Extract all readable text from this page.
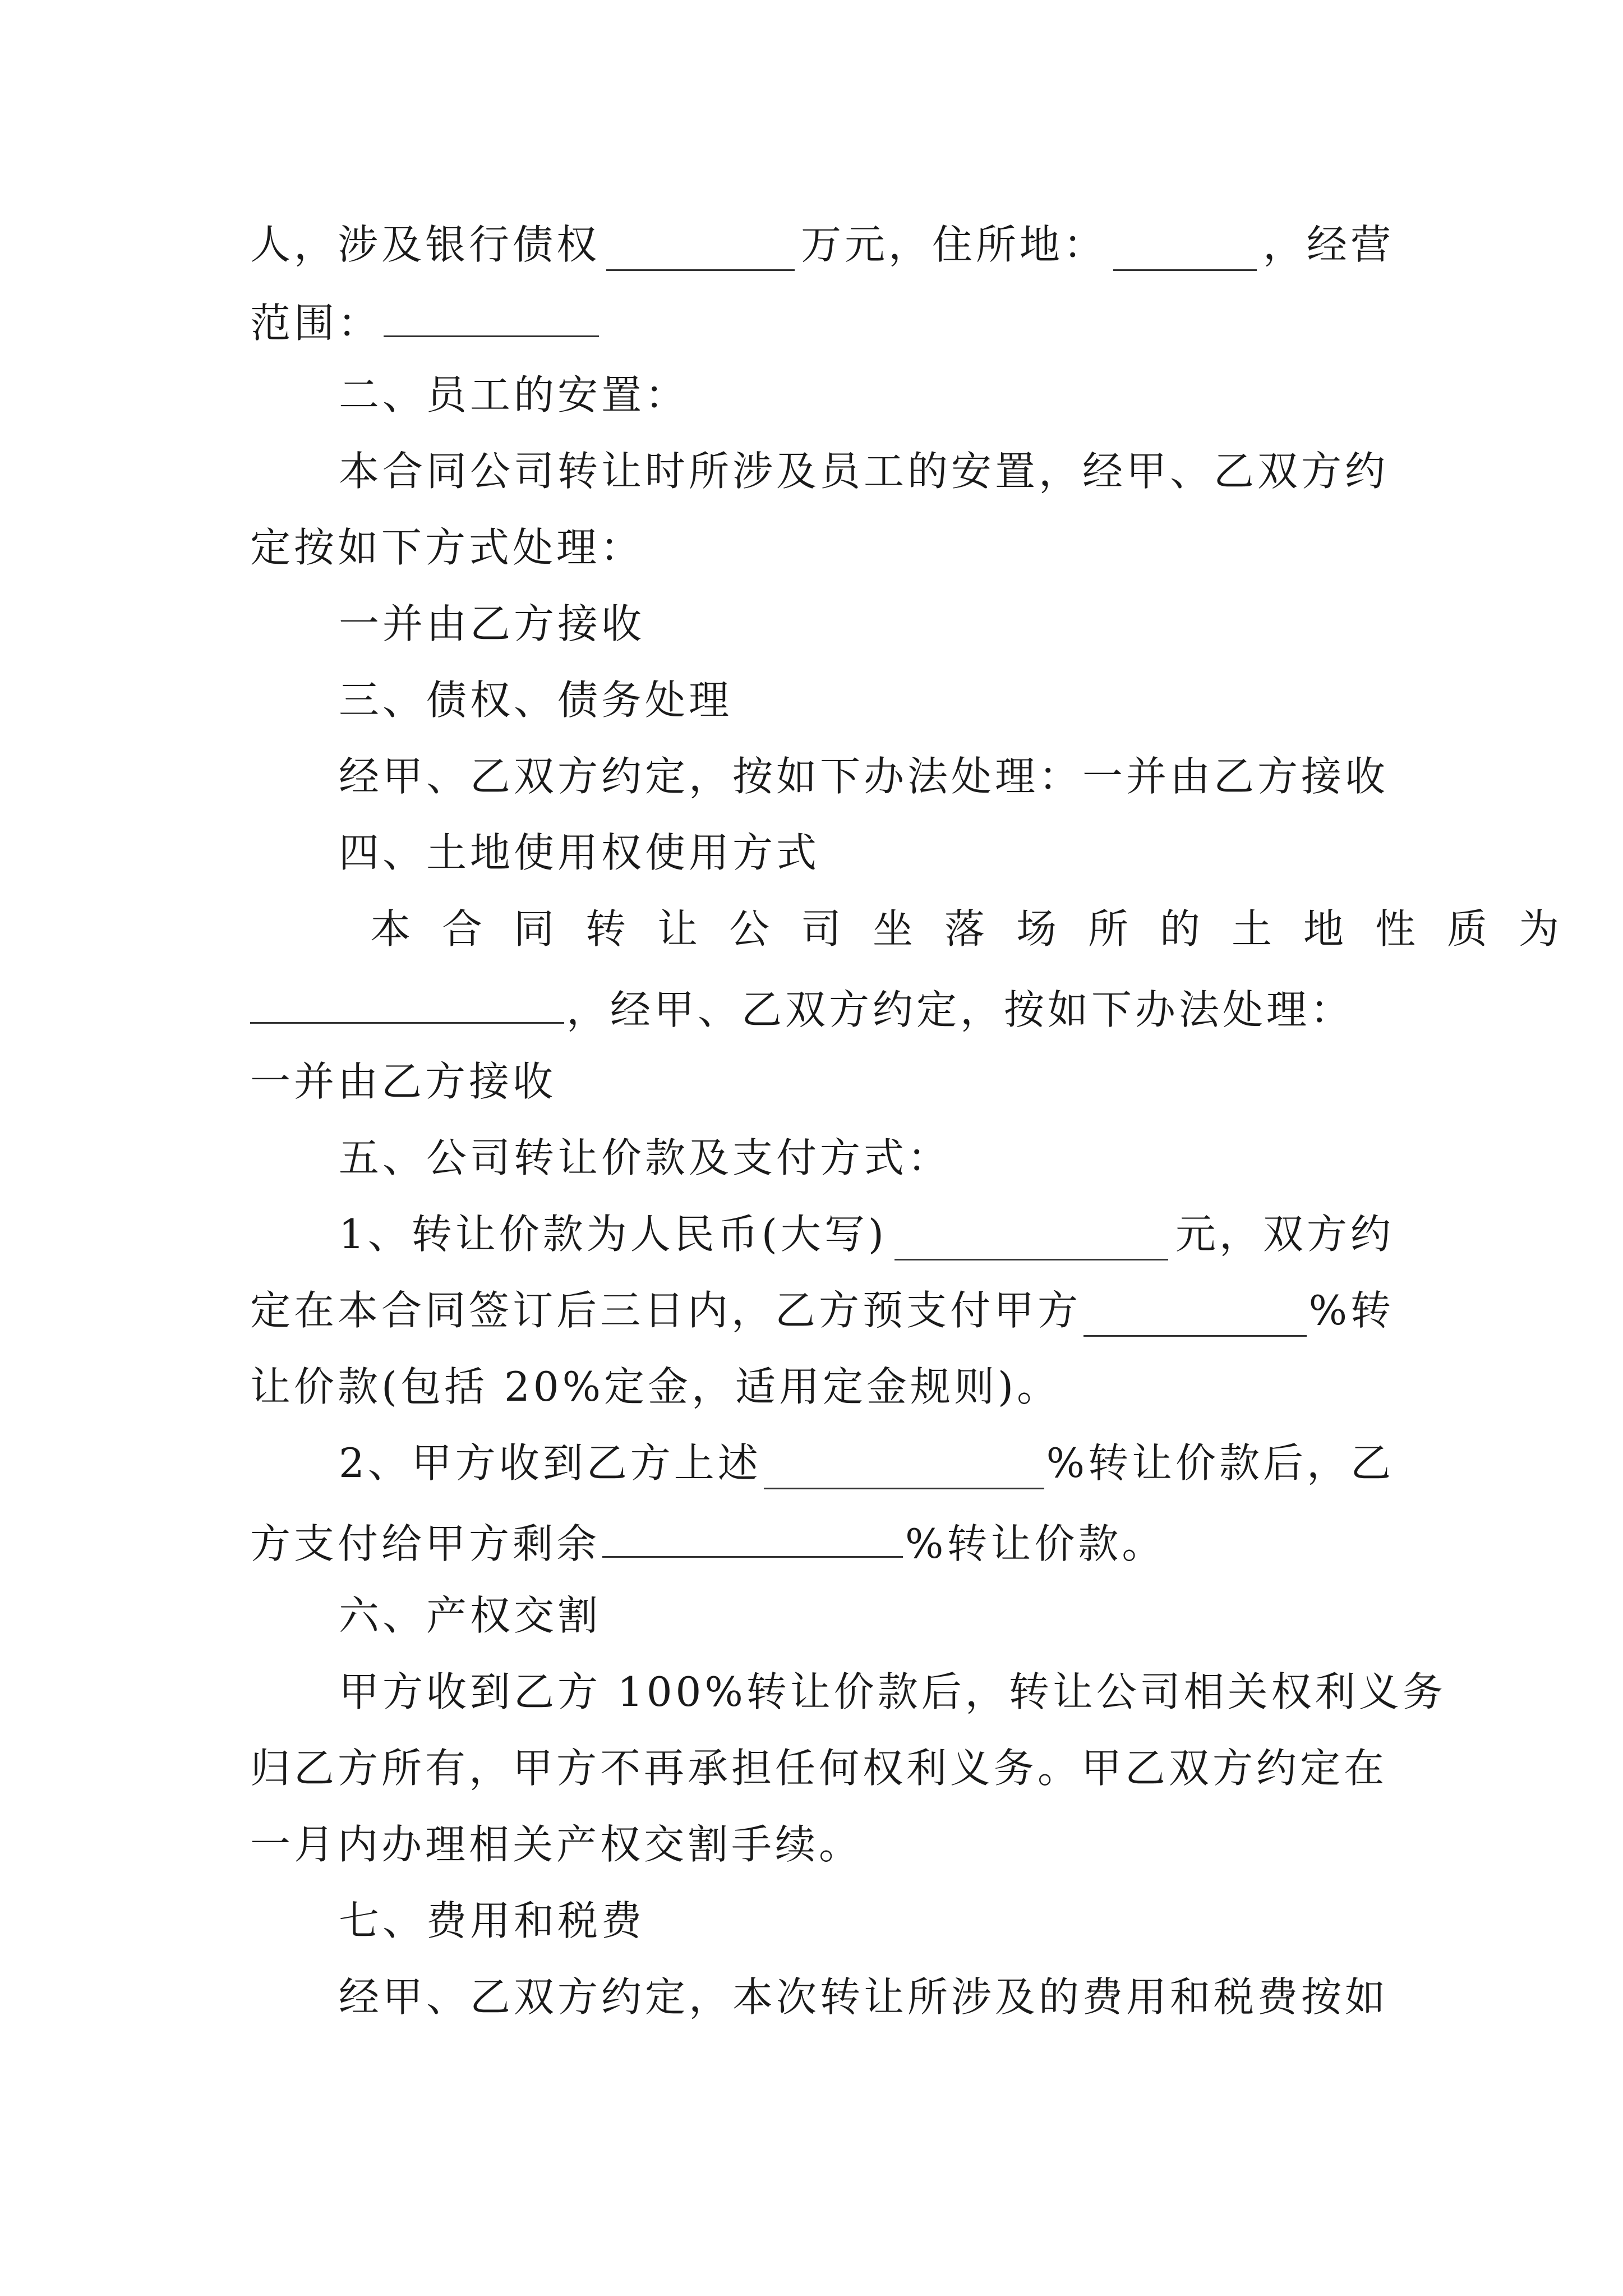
人，涉及银行债权	万元，住所地：	，经营
范围：
二、员工的安置：
本合同公司转让时所涉及员工的安置，经甲、乙双方约
定按如下方式处理：
一并由乙方接收
三、债权、债务处理
经甲、乙双方约定，按如下办法处理：一并由乙方接收
四、土地使用权使用方式
本合同转让公司坐落场所的土地性质为
，经甲、乙双方约定，按如下办法处理：
一并由乙方接收
五、公司转让价款及支付方式：
1、转让价款为人民币(大写)	元，双方约
定在本合同签订后三日内，乙方预支付甲方	%转
让价款(包括 20%定金，适用定金规则)。
2、甲方收到乙方上述	%转让价款后，乙
方支付给甲方剩余	%转让价款。
六、产权交割
甲方收到乙方 100%转让价款后，转让公司相关权利义务
归乙方所有，甲方不再承担任何权利义务。甲乙双方约定在
一月内办理相关产权交割手续。
七、费用和税费
经甲、乙双方约定，本次转让所涉及的费用和税费按如
